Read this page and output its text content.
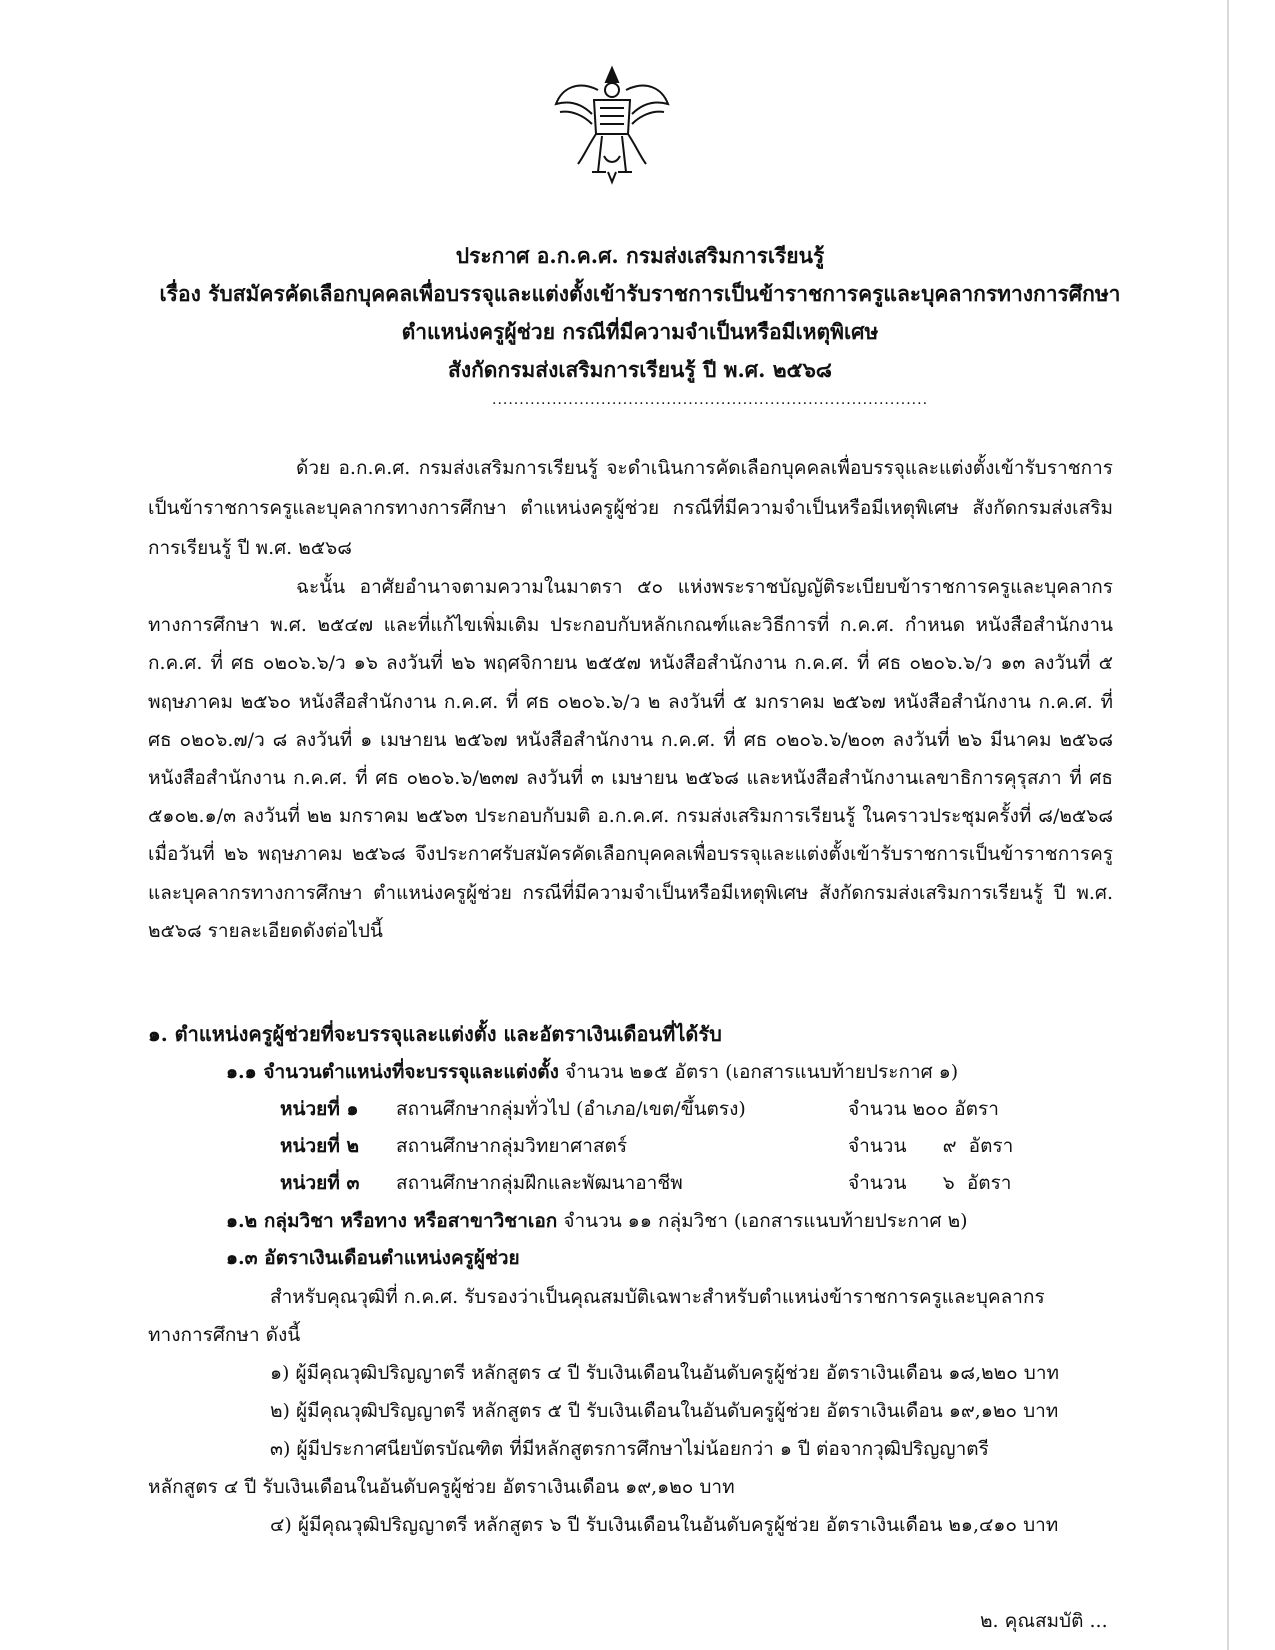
ประกาศ อ.ก.ค.ศ. กรมส่งเสริมการเรียนรู้
เรื่อง รับสมัครคัดเลือกบุคคลเพื่อบรรจุและแต่งตั้งเข้ารับราชการเป็นข้าราชการครูและบุคลากรทางการศึกษา
ตำแหน่งครูผู้ช่วย กรณีที่มีความจำเป็นหรือมีเหตุพิเศษ
สังกัดกรมส่งเสริมการเรียนรู้ ปี พ.ศ. ๒๕๖๘
................................................................................
ด้วย อ.ก.ค.ศ. กรมส่งเสริมการเรียนรู้ จะดำเนินการคัดเลือกบุคคลเพื่อบรรจุและแต่งตั้งเข้ารับราชการเป็นข้าราชการครูและบุคลากรทางการศึกษา ตำแหน่งครูผู้ช่วย กรณีที่มีความจำเป็นหรือมีเหตุพิเศษ สังกัดกรมส่งเสริมการเรียนรู้ ปี พ.ศ. ๒๕๖๘
ฉะนั้น อาศัยอำนาจตามความในมาตรา ๕๐ แห่งพระราชบัญญัติระเบียบข้าราชการครูและบุคลากรทางการศึกษา พ.ศ. ๒๕๔๗ และที่แก้ไขเพิ่มเติม ประกอบกับหลักเกณฑ์และวิธีการที่ ก.ค.ศ. กำหนด หนังสือสำนักงาน ก.ค.ศ. ที่ ศธ ๐๒๐๖.๖/ว ๑๖ ลงวันที่ ๒๖ พฤศจิกายน ๒๕๕๗ หนังสือสำนักงาน ก.ค.ศ. ที่ ศธ ๐๒๐๖.๖/ว ๑๓ ลงวันที่ ๕ พฤษภาคม ๒๕๖๐ หนังสือสำนักงาน ก.ค.ศ. ที่ ศธ ๐๒๐๖.๖/ว ๒ ลงวันที่ ๕ มกราคม ๒๕๖๗ หนังสือสำนักงาน ก.ค.ศ. ที่ ศธ ๐๒๐๖.๗/ว ๘ ลงวันที่ ๑ เมษายน ๒๕๖๗ หนังสือสำนักงาน ก.ค.ศ. ที่ ศธ ๐๒๐๖.๖/๒๐๓ ลงวันที่ ๒๖ มีนาคม ๒๕๖๘ หนังสือสำนักงาน ก.ค.ศ. ที่ ศธ ๐๒๐๖.๖/๒๓๗ ลงวันที่ ๓ เมษายน ๒๕๖๘ และหนังสือสำนักงานเลขาธิการคุรุสภา ที่ ศธ ๕๑๐๒.๑/๓ ลงวันที่ ๒๒ มกราคม ๒๕๖๓ ประกอบกับมติ อ.ก.ค.ศ. กรมส่งเสริมการเรียนรู้ ในคราวประชุมครั้งที่ ๘/๒๕๖๘ เมื่อวันที่ ๒๖ พฤษภาคม ๒๕๖๘ จึงประกาศรับสมัครคัดเลือกบุคคลเพื่อบรรจุและแต่งตั้งเข้ารับราชการเป็นข้าราชการครูและบุคลากรทางการศึกษา ตำแหน่งครูผู้ช่วย กรณีที่มีความจำเป็นหรือมีเหตุพิเศษ สังกัดกรมส่งเสริมการเรียนรู้ ปี พ.ศ. ๒๕๖๘ รายละเอียดดังต่อไปนี้
๑. ตำแหน่งครูผู้ช่วยที่จะบรรจุและแต่งตั้ง และอัตราเงินเดือนที่ได้รับ
๑.๑ จำนวนตำแหน่งที่จะบรรจุและแต่งตั้ง จำนวน ๒๑๕ อัตรา (เอกสารแนบท้ายประกาศ ๑)
หน่วยที่ ๑ สถานศึกษากลุ่มทั่วไป (อำเภอ/เขต/ขึ้นตรง)	จำนวน ๒๐๐ อัตรา
หน่วยที่ ๒ สถานศึกษากลุ่มวิทยาศาสตร์	จำนวน      ๙  อัตรา
หน่วยที่ ๓ สถานศึกษากลุ่มฝึกและพัฒนาอาชีพ	จำนวน      ๖  อัตรา
๑.๒ กลุ่มวิชา หรือทาง หรือสาขาวิชาเอก จำนวน ๑๑ กลุ่มวิชา (เอกสารแนบท้ายประกาศ ๒)
๑.๓ อัตราเงินเดือนตำแหน่งครูผู้ช่วย
สำหรับคุณวุฒิที่ ก.ค.ศ. รับรองว่าเป็นคุณสมบัติเฉพาะสำหรับตำแหน่งข้าราชการครูและบุคลากร
ทางการศึกษา ดังนี้
๑) ผู้มีคุณวุฒิปริญญาตรี หลักสูตร ๔ ปี รับเงินเดือนในอันดับครูผู้ช่วย อัตราเงินเดือน ๑๘,๒๒๐ บาท
๒) ผู้มีคุณวุฒิปริญญาตรี หลักสูตร ๕ ปี รับเงินเดือนในอันดับครูผู้ช่วย อัตราเงินเดือน ๑๙,๑๒๐ บาท
๓) ผู้มีประกาศนียบัตรบัณฑิต ที่มีหลักสูตรการศึกษาไม่น้อยกว่า ๑ ปี ต่อจากวุฒิปริญญาตรี
หลักสูตร ๔ ปี รับเงินเดือนในอันดับครูผู้ช่วย อัตราเงินเดือน ๑๙,๑๒๐ บาท
๔) ผู้มีคุณวุฒิปริญญาตรี หลักสูตร ๖ ปี รับเงินเดือนในอันดับครูผู้ช่วย อัตราเงินเดือน ๒๑,๔๑๐ บาท
๒. คุณสมบัติ ...
